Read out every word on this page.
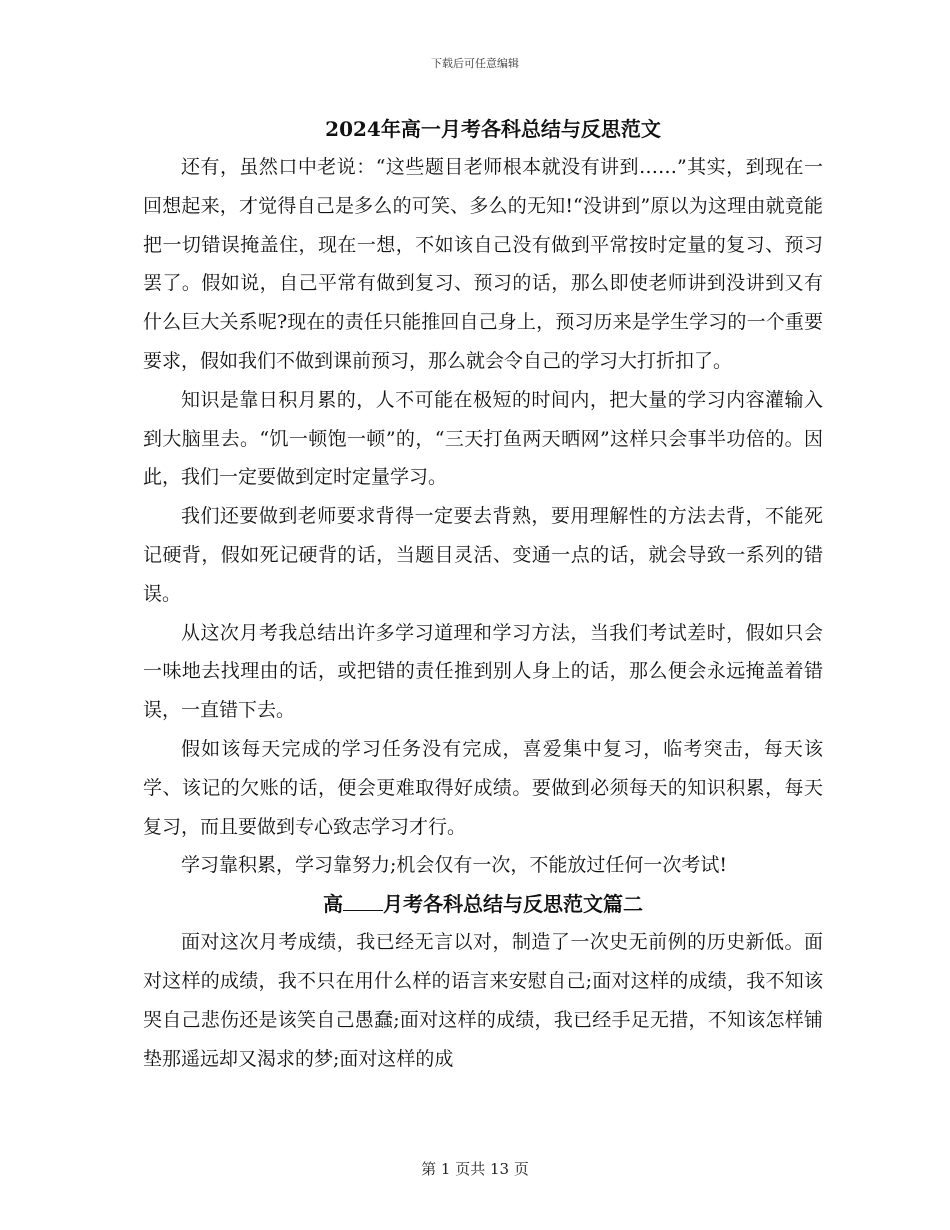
下载后可任意编辑
2024年高一月考各科总结与反思范文

还有，虽然口中老说：“这些题目老师根本就没有讲到……”其实，到现在一回想起来，才觉得自己是多么的可笑、多么的无知!“没讲到”原以为这理由就竟能把一切错误掩盖住，现在一想，不如该自己没有做到平常按时定量的复习、预习罢了。假如说，自己平常有做到复习、预习的话，那么即使老师讲到没讲到又有什么巨大关系呢?现在的责任只能推回自己身上，预习历来是学生学习的一个重要要求，假如我们不做到课前预习，那么就会令自己的学习大打折扣了。

知识是靠日积月累的，人不可能在极短的时间内，把大量的学习内容灌输入到大脑里去。“饥一顿饱一顿”的，“三天打鱼两天晒网”这样只会事半功倍的。因此，我们一定要做到定时定量学习。

我们还要做到老师要求背得一定要去背熟，要用理解性的方法去背，不能死记硬背，假如死记硬背的话，当题目灵活、变通一点的话，就会导致一系列的错误。

从这次月考我总结出许多学习道理和学习方法，当我们考试差时，假如只会一味地去找理由的话，或把错的责任推到别人身上的话，那么便会永远掩盖着错误，一直错下去。

假如该每天完成的学习任务没有完成，喜爱集中复习，临考突击，每天该学、该记的欠账的话，便会更难取得好成绩。要做到必须每天的知识积累，每天复习，而且要做到专心致志学习才行。

学习靠积累，学习靠努力;机会仅有一次，不能放过任何一次考试!

高 月考各科总结与反思范文篇二

面对这次月考成绩，我已经无言以对，制造了一次史无前例的历史新低。面对这样的成绩，我不只在用什么样的语言来安慰自己;面对这样的成绩，我不知该哭自己悲伤还是该笑自己愚蠢;面对这样的成绩，我已经手足无措，不知该怎样铺垫那遥远却又渴求的梦;面对这样的成

第 1 页共 13 页
